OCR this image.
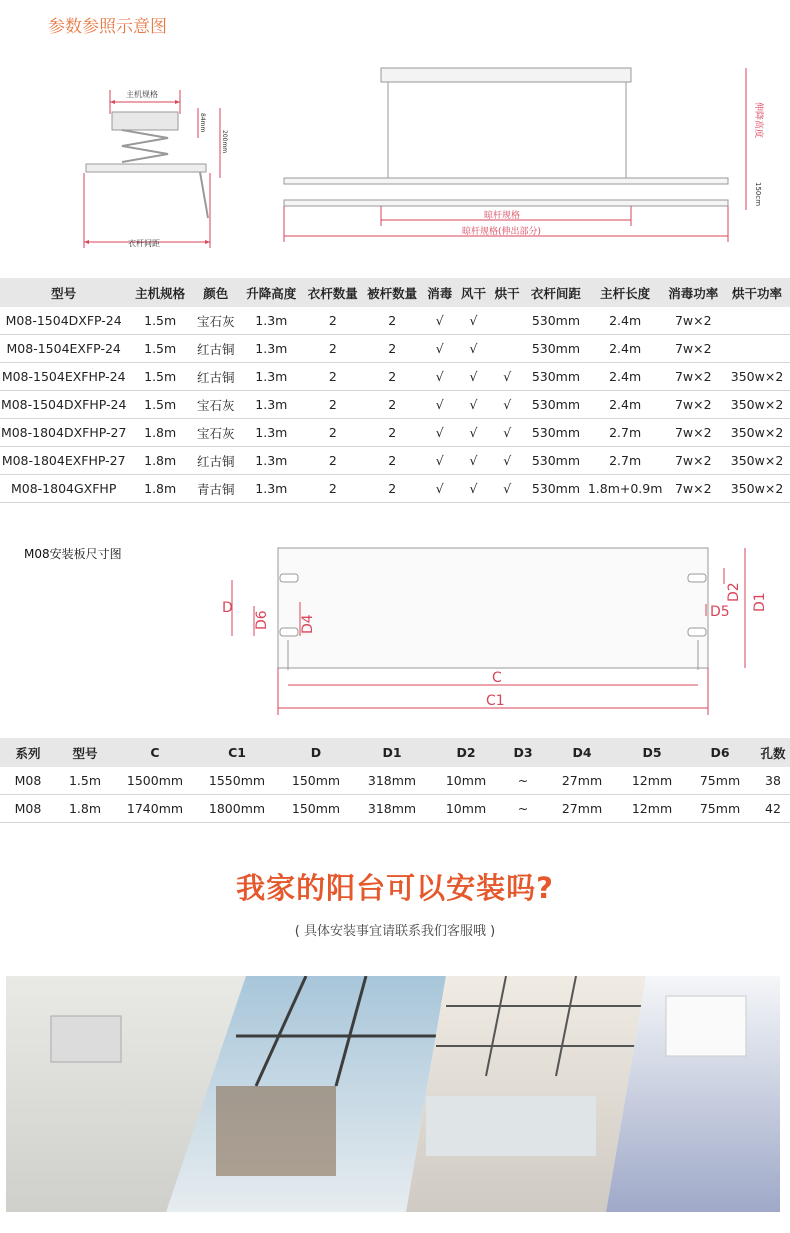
参数参照示意图
主机规格
84mm
200mm
衣杆间距
伸降高度
150cm
晾杆规格
晾杆规格(伸出部分)
型号	主机规格	颜色	升降高度	衣杆数量	被杆数量	消毒	风干	烘干	衣杆间距	主杆长度	消毒功率	烘干功率
M08-1504DXFP-24	1.5m	宝石灰	1.3m	2	2	√	√		530mm	2.4m	7w×2	
M08-1504EXFP-24	1.5m	红古铜	1.3m	2	2	√	√		530mm	2.4m	7w×2	
M08-1504EXFHP-24	1.5m	红古铜	1.3m	2	2	√	√	√	530mm	2.4m	7w×2	350w×2
M08-1504DXFHP-24	1.5m	宝石灰	1.3m	2	2	√	√	√	530mm	2.4m	7w×2	350w×2
M08-1804DXFHP-27	1.8m	宝石灰	1.3m	2	2	√	√	√	530mm	2.7m	7w×2	350w×2
M08-1804EXFHP-27	1.8m	红古铜	1.3m	2	2	√	√	√	530mm	2.7m	7w×2	350w×2
M08-1804GXFHP	1.8m	青古铜	1.3m	2	2	√	√	√	530mm	1.8m+0.9m	7w×2	350w×2
M08安装板尺寸图
D
D6 D4
D1
D2
D5
C
C1
系列	型号	C	C1	D	D1	D2	D3	D4	D5	D6	孔数
M08	1.5m	1500mm	1550mm	150mm	318mm	10mm	~	27mm	12mm	75mm	38
M08	1.8m	1740mm	1800mm	150mm	318mm	10mm	~	27mm	12mm	75mm	42
我家的阳台可以安装吗?
( 具体安装事宜请联系我们客服哦 )
